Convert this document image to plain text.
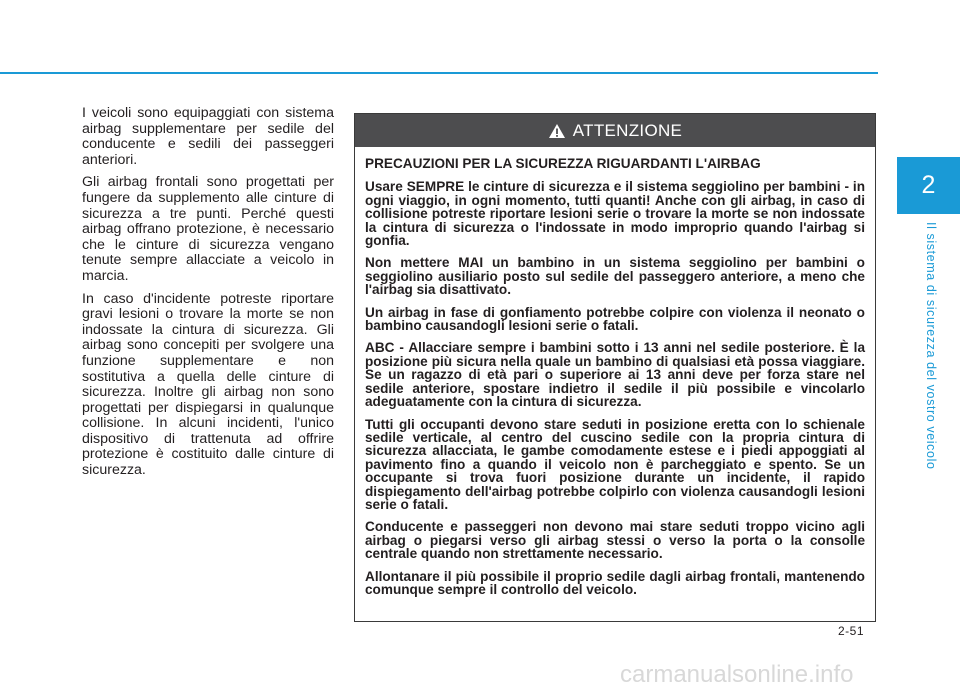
I veicoli sono equipaggiati con sistema airbag supplementare per sedile del conducente e sedili dei passeggeri anteriori.

Gli airbag frontali sono progettati per fungere da supplemento alle cinture di sicurezza a tre punti. Perché questi airbag offrano protezione, è necessario che le cinture di sicurezza vengano tenute sempre allacciate a veicolo in marcia.

In caso d'incidente potreste riportare gravi lesioni o trovare la morte se non indossate la cintura di sicurezza. Gli airbag sono concepiti per svolgere una funzione supplementare e non sostitutiva a quella delle cinture di sicurezza. Inoltre gli airbag non sono progettati per dispiegarsi in qualunque collisione. In alcuni incidenti, l'unico dispositivo di trattenuta ad offrire protezione è costituito dalle cinture di sicurezza.

ATTENZIONE

PRECAUZIONI PER LA SICUREZZA RIGUARDANTI L'AIRBAG

Usare SEMPRE le cinture di sicurezza e il sistema seggiolino per bambini - in ogni viaggio, in ogni momento, tutti quanti! Anche con gli airbag, in caso di collisione potreste riportare lesioni serie o trovare la morte se non indossate la cintura di sicurezza o l'indossate in modo improprio quando l'airbag si gonfia.

Non mettere MAI un bambino in un sistema seggiolino per bambini o seggiolino ausiliario posto sul sedile del passeggero anteriore, a meno che l'airbag sia disattivato.

Un airbag in fase di gonfiamento potrebbe colpire con violenza il neonato o bambino causandogli lesioni serie o fatali.

ABC - Allacciare sempre i bambini sotto i 13 anni nel sedile posteriore. È la posizione più sicura nella quale un bambino di qualsiasi età possa viaggiare. Se un ragazzo di età pari o superiore ai 13 anni deve per forza stare nel sedile anteriore, spostare indietro il sedile il più possibile e vincolarlo adeguatamente con la cintura di sicurezza.

Tutti gli occupanti devono stare seduti in posizione eretta con lo schienale sedile verticale, al centro del cuscino sedile con la propria cintura di sicurezza allacciata, le gambe comodamente estese e i piedi appoggiati al pavimento fino a quando il veicolo non è parcheggiato e spento. Se un occupante si trova fuori posizione durante un incidente, il rapido dispiegamento dell'airbag potrebbe colpirlo con violenza causandogli lesioni serie o fatali.

Conducente e passeggeri non devono mai stare seduti troppo vicino agli airbag o piegarsi verso gli airbag stessi o verso la porta o la consolle centrale quando non strettamente necessario.

Allontanare il più possibile il proprio sedile dagli airbag frontali, mantenendo comunque sempre il controllo del veicolo.

2
Il sistema di sicurezza del vostro veicolo
2-51
carmanualsonline.info
